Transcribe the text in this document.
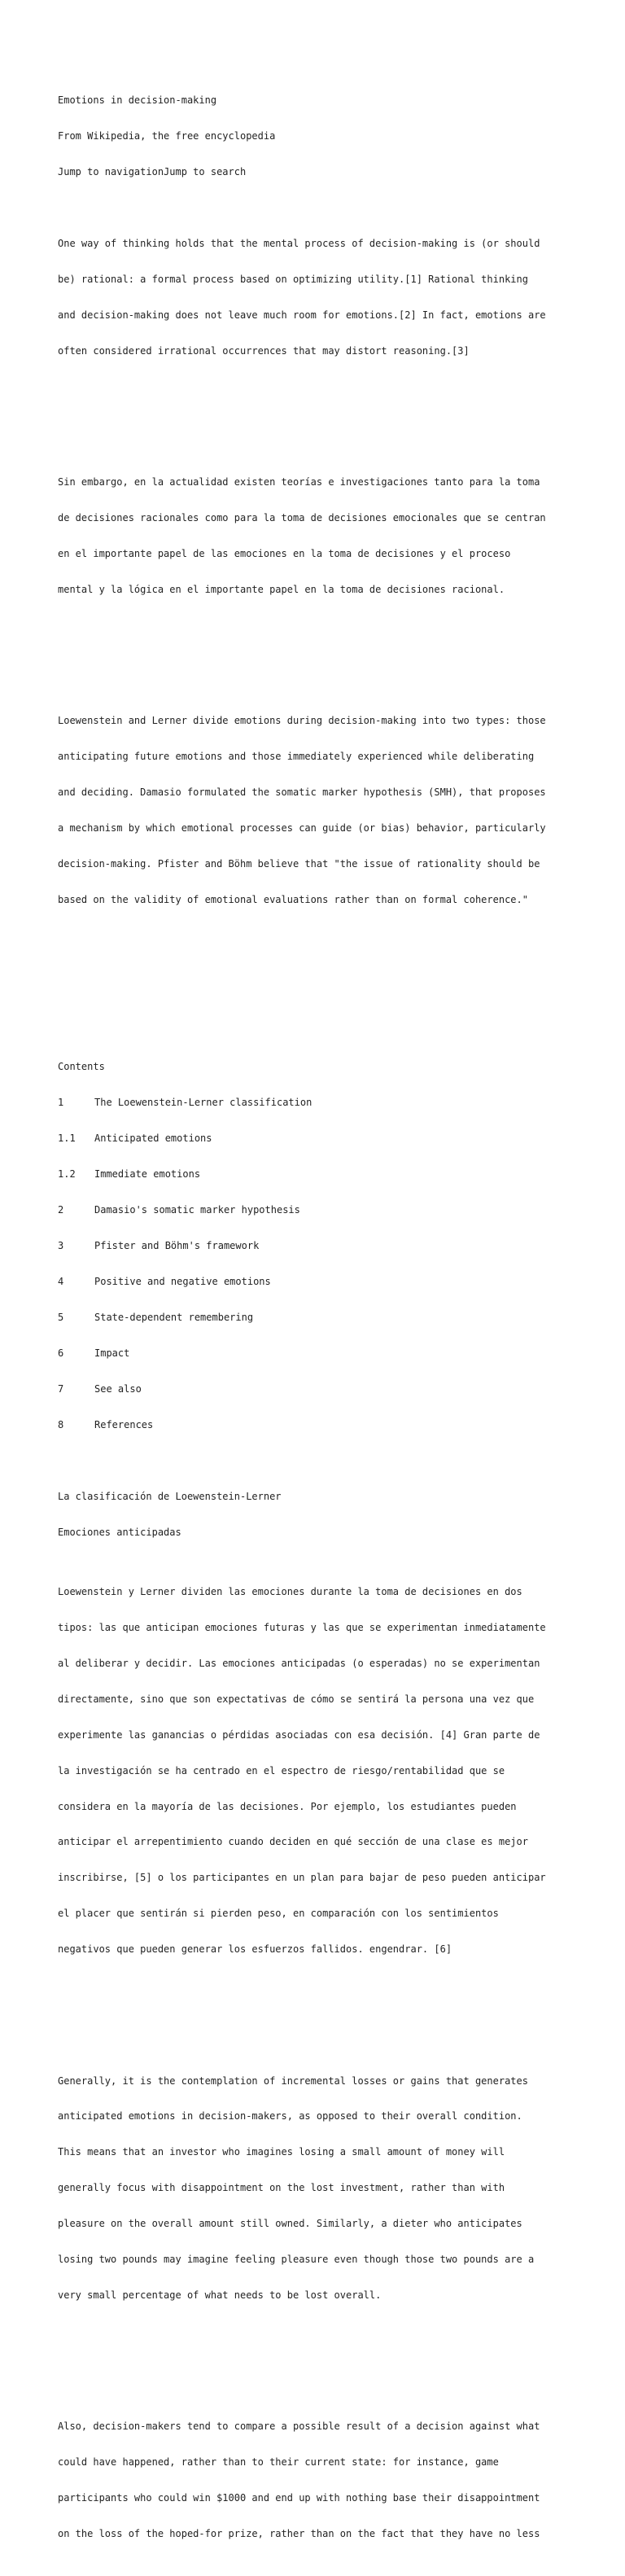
Emotions in decision-making

From Wikipedia, the free encyclopedia

Jump to navigationJump to search

One way of thinking holds that the mental process of decision-making is (or should

be) rational: a formal process based on optimizing utility.[1] Rational thinking

and decision-making does not leave much room for emotions.[2] In fact, emotions are

often considered irrational occurrences that may distort reasoning.[3]

Sin embargo, en la actualidad existen teorías e investigaciones tanto para la toma

de decisiones racionales como para la toma de decisiones emocionales que se centran

en el importante papel de las emociones en la toma de decisiones y el proceso

mental y la lógica en el importante papel en la toma de decisiones racional.

Loewenstein and Lerner divide emotions during decision-making into two types: those

anticipating future emotions and those immediately experienced while deliberating

and deciding. Damasio formulated the somatic marker hypothesis (SMH), that proposes

a mechanism by which emotional processes can guide (or bias) behavior, particularly

decision-making. Pfister and Böhm believe that "the issue of rationality should be

based on the validity of emotional evaluations rather than on formal coherence."

Contents

1	The Loewenstein-Lerner classification

1.1 Anticipated emotions

1.2 Immediate emotions

2	Damasio's somatic marker hypothesis

3	Pfister and Böhm's framework

4	Positive and negative emotions

5	State-dependent remembering

6	Impact

7	See also

8	References

La clasificación de Loewenstein-Lerner

Emociones anticipadas

Loewenstein y Lerner dividen las emociones durante la toma de decisiones en dos

tipos: las que anticipan emociones futuras y las que se experimentan inmediatamente

al deliberar y decidir. Las emociones anticipadas (o esperadas) no se experimentan

directamente, sino que son expectativas de cómo se sentirá la persona una vez que

experimente las ganancias o pérdidas asociadas con esa decisión. [4] Gran parte de

la investigación se ha centrado en el espectro de riesgo/rentabilidad que se

considera en la mayoría de las decisiones. Por ejemplo, los estudiantes pueden

anticipar el arrepentimiento cuando deciden en qué sección de una clase es mejor

inscribirse, [5] o los participantes en un plan para bajar de peso pueden anticipar

el placer que sentirán si pierden peso, en comparación con los sentimientos

negativos que pueden generar los esfuerzos fallidos. engendrar. [6]

Generally, it is the contemplation of incremental losses or gains that generates

anticipated emotions in decision-makers, as opposed to their overall condition.

This means that an investor who imagines losing a small amount of money will

generally focus with disappointment on the lost investment, rather than with

pleasure on the overall amount still owned. Similarly, a dieter who anticipates

losing two pounds may imagine feeling pleasure even though those two pounds are a

very small percentage of what needs to be lost overall.

Also, decision-makers tend to compare a possible result of a decision against what

could have happened, rather than to their current state: for instance, game

participants who could win $1000 and end up with nothing base their disappointment

on the loss of the hoped-for prize, rather than on the fact that they have no less
